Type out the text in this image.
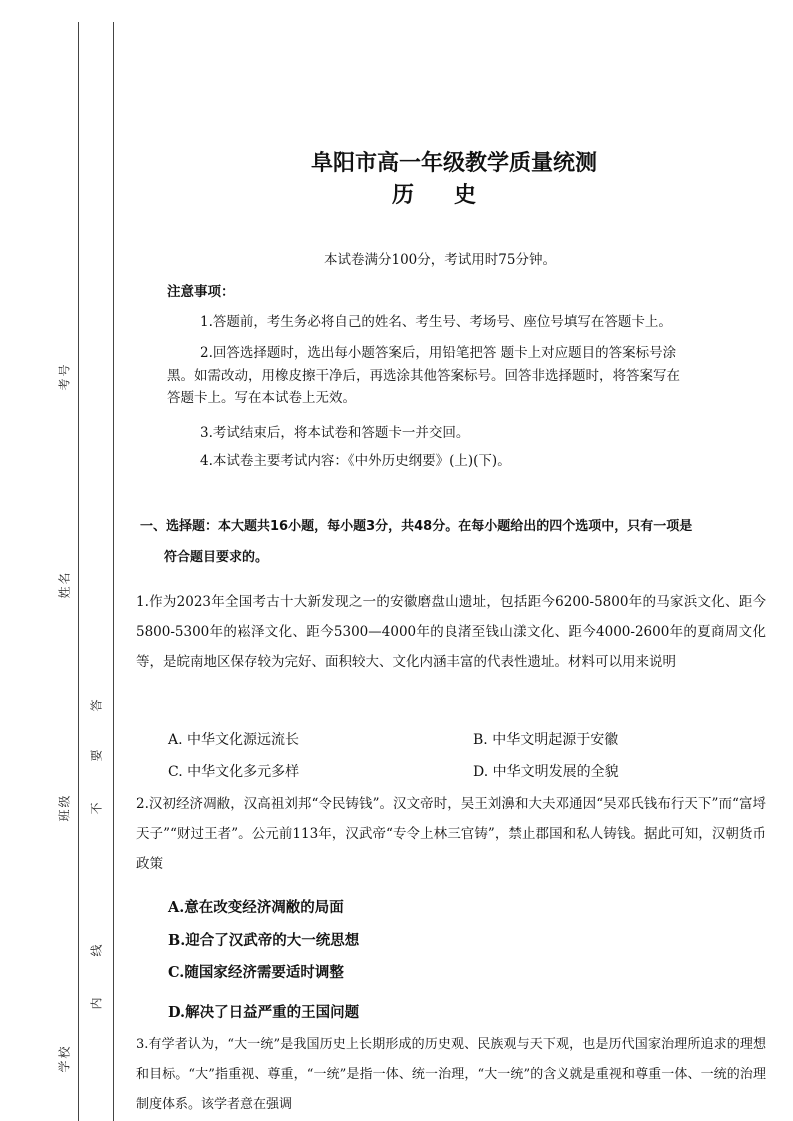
考号
姓名
班级
学校
答
要
不
内
线
阜阳市高一年级教学质量统测
历史
本试卷满分100分，考试用时75分钟。
注意事项：
1.答题前，考生务必将自己的姓名、考生号、考场号、座位号填写在答题卡上。
2.回答选择题时，选出每小题答案后，用铅笔把答 题卡上对应题目的答案标号涂
黑。如需改动，用橡皮擦干净后，再选涂其他答案标号。回答非选择题时，将答案写在
答题卡上。写在本试卷上无效。
3.考试结束后，将本试卷和答题卡一并交回。
4.本试卷主要考试内容：《中外历史纲要》(上)(下)。
一、选择题：本大题共16小题，每小题3分，共48分。在每小题给出的四个选项中，只有一项是
符合题目要求的。
1.作为2023年全国考古十大新发现之一的安徽磨盘山遗址，包括距今6200-5800年的马家浜文化、距今5800-5300年的崧泽文化、距今5300—4000年的良渚至钱山漾文化、距今4000-2600年的夏商周文化等，是皖南地区保存较为完好、面积较大、文化内涵丰富的代表性遗址。材料可以用来说明
A. 中华文化源远流长	B. 中华文明起源于安徽
C. 中华文化多元多样	D. 中华文明发展的全貌
2.汉初经济凋敝，汉高祖刘邦“令民铸钱”。汉文帝时，吴王刘濞和大夫邓通因“吴邓氏钱布行天下”而“富埒天子”“财过王者”。公元前113年，汉武帝“专令上林三官铸”，禁止郡国和私人铸钱。据此可知，汉朝货币政策
A.意在改变经济凋敝的局面
B.迎合了汉武帝的大一统思想
C.随国家经济需要适时调整
D.解决了日益严重的王国问题
3.有学者认为，“大一统”是我国历史上长期形成的历史观、民族观与天下观，也是历代国家治理所追求的理想和目标。“大”指重视、尊重，“一统”是指一体、统一治理，“大一统”的含义就是重视和尊重一体、一统的治理制度体系。该学者意在强调
